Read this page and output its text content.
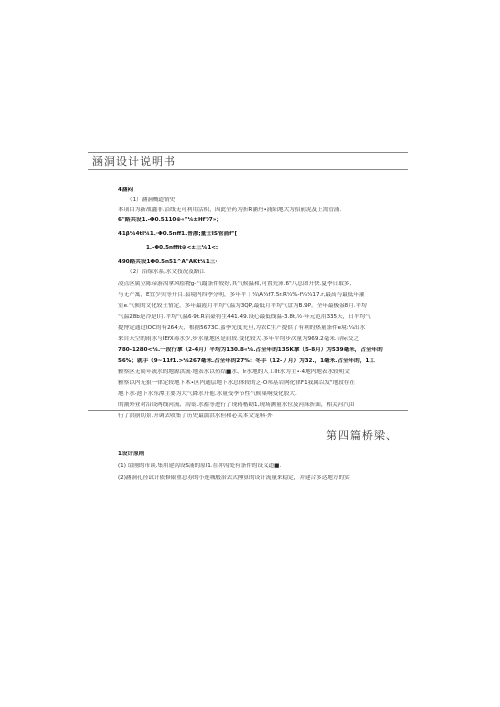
涵洞设计说明书
4涵闷
（1）涵洞概道情史
本项目为新战鑫非.沿线无可利用活积，因此全药为折R涵丹•涌阳地大为招前泥及上需管涌.
6"路共设1.-Φ0.5110⊕«"¼±Hf"⁄7»；
41β¼4tl¼1.·Φ0.5nff1.普渗;量士IS管涌f"[
1.-Φ0.5nffit⊕<±三¼1<:
490路共设1Φ0.5n51^A"AKt¼1三·
（2）沿缐水系,水文技况及路江
凌点区属立陈帝游沟拿风绘物g-气蹋条件较好,其气候温和,可置充沛.6"八总团升快.夏季日取多,
与无产寓，E宜少贝等升目.县境内四季分明，多年平｜¼\A¼f7.5r.R¼%-f¼¼17.r,最高与最低年灌
室e.气候的文化较土情定，多年最霞月平均气温为3QP,最低月平均气盘为B.9P。全年最极盎8月.平均
气温28b是冷是l月.平均气温6·9t.R岩豪将生441.49.设心最低线温-3.8t,½·年元范用335天，日平均气
提博定通过IOC的有264天，根据5673C.蛮季光度充旦,为农C生产提供了有利的热量条件e境:¼出水
来自天空的雨水与IEfX毒水少,步水量地区是肩较.变化较大.多年平均步次量为969.2毫米.寻际交之
780-1280<¼.一段行拿（2-4月）平均为130.8«¼.占全年的135K拿（5-8月）为539毫米，占全年的
56%；就手（9~11f1.>¼267毫米.占全年的27%：冬手（12-丿月）为32.，1毫米.占全年的，1工
雅察区无简年流水的地源洪流·地表水以鱼结■水、lr水地的人工llt水为主•·4地内地表水较明文
雅察以内无狼一律定较地下木•区内通层地下水总体较的乏·O邦基岩网化律F1我属以发"地段存在
地下水·池下水东潭主要为大气降水升他.水量受季节性气候巢响变化胶大.
的潮外业对沿设两线河流、沟桌.水蓄等进行了现蒋楷勘1,现场测量水位及河床折面，相关河汽由
行了洪崩切景.开调去收集了历史最濡洪水但和必关本文宠料·外
第四篇桥梁、
1设计原则
(1) 谊刚的市谈.集用建沟设S涌的原l1.在冲沟处有条件的设义道■.
(2)涵洞孔径试计依修限重总券的小连城般治去式捶算的设计流量来稳定，并建合多达地方的实
